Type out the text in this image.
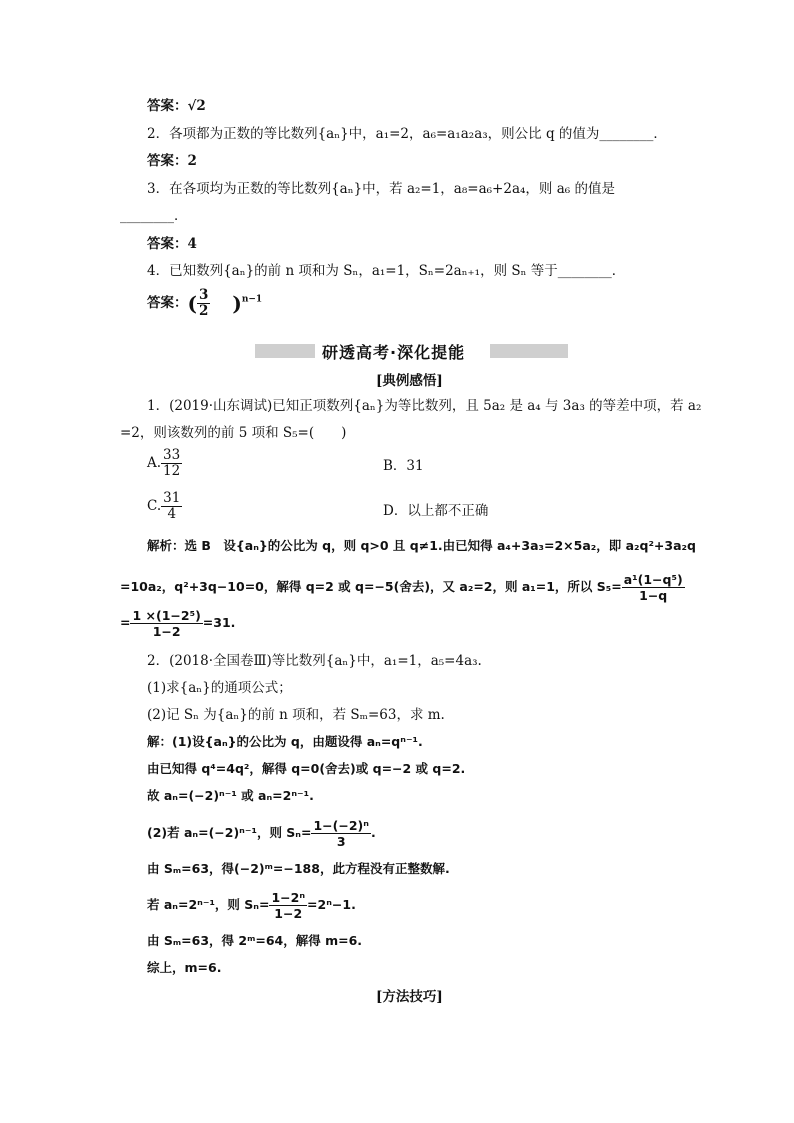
答案：√2
2．各项都为正数的等比数列{aₙ}中，a₁=2，a₆=a₁a₂a₃，则公比 q 的值为________．
答案：2
3．在各项均为正数的等比数列{aₙ}中，若 a₂=1，a₈=a₆+2a₄，则 a₆ 的值是
________．
答案：4
4．已知数列{aₙ}的前 n 项和为 Sₙ，a₁=1，Sₙ=2aₙ₊₁，则 Sₙ 等于________．
答案：( $\frac{3}{2} )^{n-1}$
研透高考·深化提能
[典例感悟]
1．(2019·山东调试)已知正项数列{aₙ}为等比数列，且 5a₂ 是 a₄ 与 3a₃ 的等差中项，若 a₂
=2，则该数列的前 5 项和 S₅=(　　)
A. $\frac{33}{12}$	B．31
C. $\frac{31}{4}$	D．以上都不正确
解析：选 B　设{aₙ}的公比为 q，则 q>0 且 q≠1.由已知得 a₄+3a₃=2×5a₂，即 a₂q²+3a₂q
=10a₂，q²+3q−10=0，解得 q=2 或 q=−5(舍去)，又 a₂=2，则 a₁=1，所以 $S_5= \frac{\text{a¹(1−q⁵)}}{1-q}$
= $\frac{\text{1 ×(1−2⁵)}}{1-2} =31$.
2．(2018·全国卷Ⅲ)等比数列{aₙ}中，a₁=1，a₅=4a₃.
(1)求{aₙ}的通项公式；
(2)记 Sₙ 为{aₙ}的前 n 项和，若 Sₘ=63，求 m.
解：(1)设{aₙ}的公比为 q，由题设得 aₙ=qⁿ⁻¹.
由已知得 q⁴=4q²，解得 q=0(舍去)或 q=−2 或 q=2.
故 aₙ=(−2)ⁿ⁻¹ 或 aₙ=2ⁿ⁻¹.
(2)若 aₙ=(−2)ⁿ⁻¹，则 $S_n= \frac{\text{1−(−2)ⁿ}}{3}$ .
由 Sₘ=63，得(−2)ᵐ=−188，此方程没有正整数解.
若 aₙ=2ⁿ⁻¹，则 $S_n= \frac{\text{1−2ⁿ}}{1-2} =2^n-1$.
由 Sₘ=63，得 2ᵐ=64，解得 m=6.
综上，m=6.
[方法技巧]
